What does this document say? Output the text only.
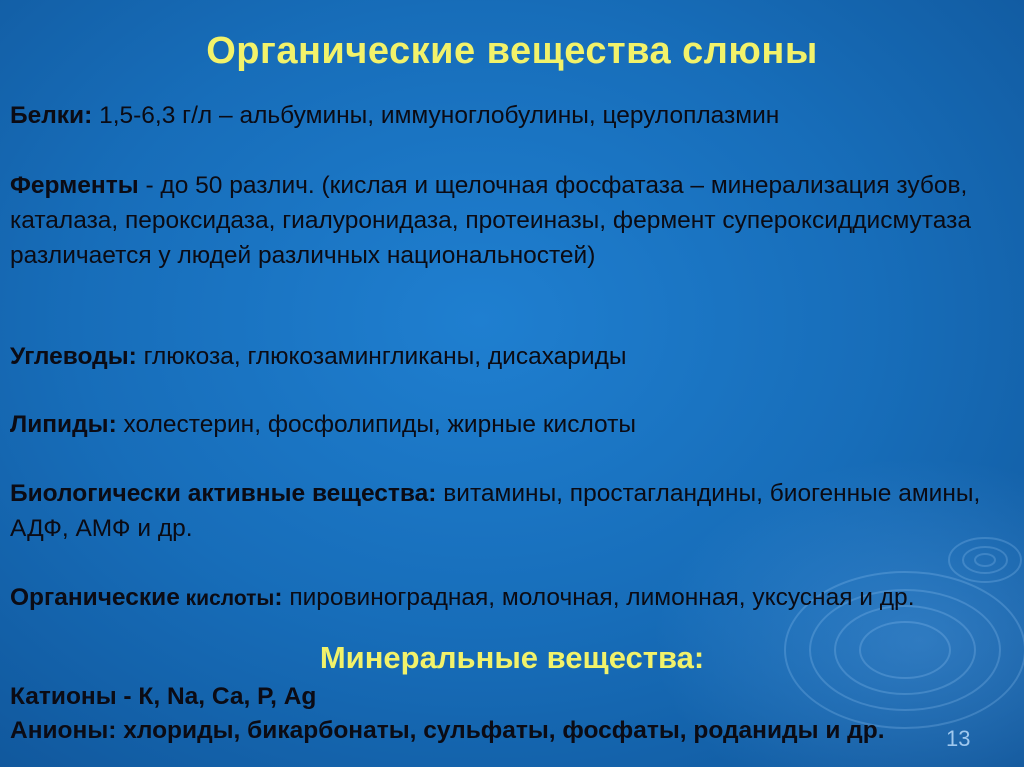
Органические вещества слюны
Белки: 1,5-6,3 г/л – альбумины, иммуноглобулины, церулоплазмин
Ферменты - до 50 различ. (кислая и щелочная фосфатаза – минерализация зубов, каталаза, пероксидаза, гиалуронидаза, протеиназы, фермент супероксиддисмутаза различается у людей различных национальностей)
Углеводы: глюкоза, глюкозамингликаны, дисахариды
Липиды: холестерин, фосфолипиды, жирные кислоты
Биологически активные вещества: витамины, простагландины, биогенные амины, АДФ, АМФ и др.
Органические кислоты: пировиноградная, молочная, лимонная, уксусная и др.
Минеральные вещества:
Катионы - К, Na, Са, Р, Ag
Анионы: хлориды, бикарбонаты, сульфаты, фосфаты, роданиды и др.	13
